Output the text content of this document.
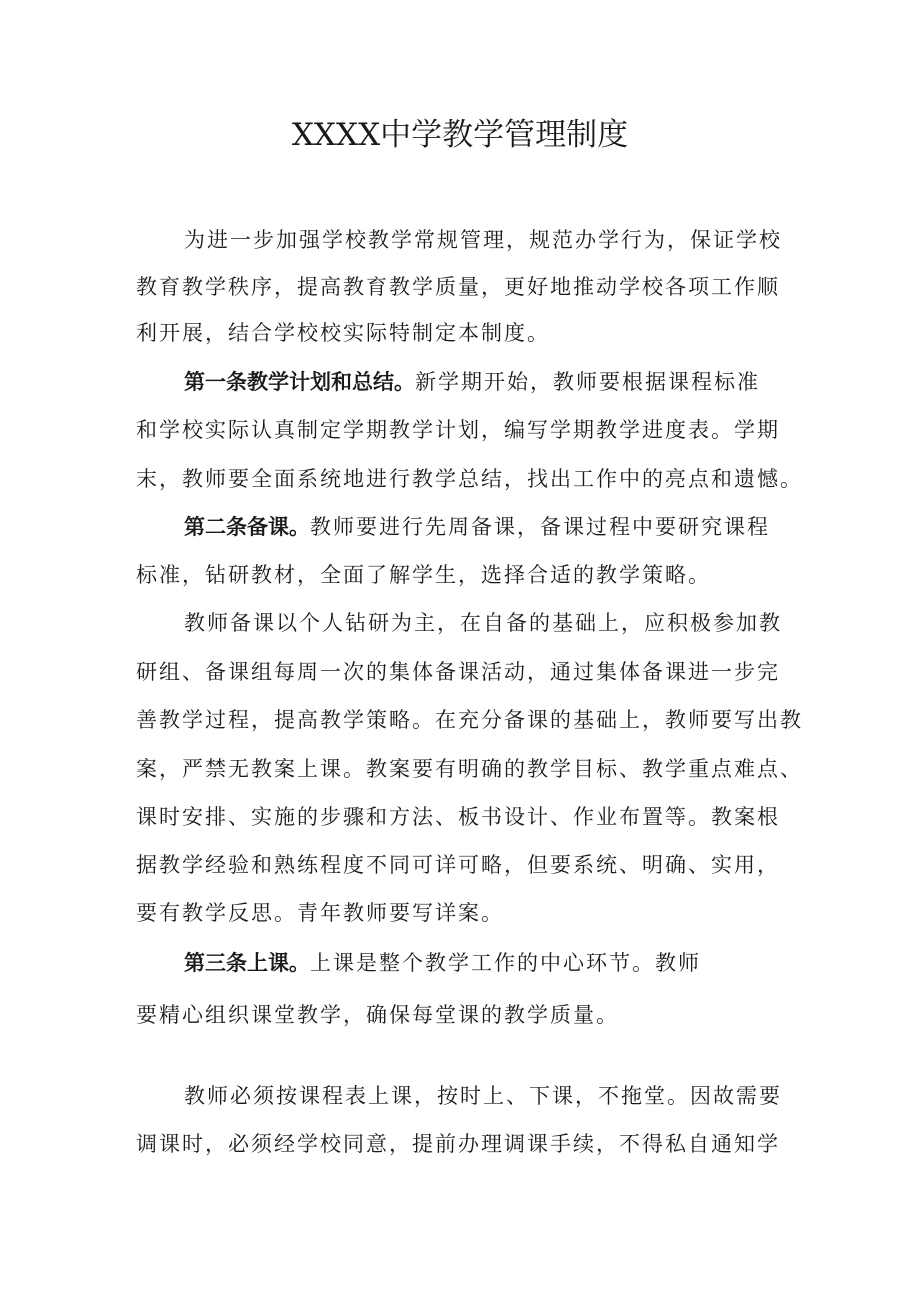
XXXX中学教学管理制度

为进一步加强学校教学常规管理，规范办学行为，保证学校

教育教学秩序，提高教育教学质量，更好地推动学校各项工作顺

利开展，结合学校校实际特制定本制度。

第一条教学计划和总结。新学期开始，教师要根据课程标准

和学校实际认真制定学期教学计划，编写学期教学进度表。学期

末，教师要全面系统地进行教学总结，找出工作中的亮点和遗憾。

第二条备课。教师要进行先周备课，备课过程中要研究课程

标准，钻研教材，全面了解学生，选择合适的教学策略。

教师备课以个人钻研为主，在自备的基础上，应积极参加教

研组、备课组每周一次的集体备课活动，通过集体备课进一步完

善教学过程，提高教学策略。在充分备课的基础上，教师要写出教

案，严禁无教案上课。教案要有明确的教学目标、教学重点难点、

课时安排、实施的步骤和方法、板书设计、作业布置等。教案根

据教学经验和熟练程度不同可详可略，但要系统、明确、实用，

要有教学反思。青年教师要写详案。

第三条上课。上课是整个教学工作的中心环节。教师

要精心组织课堂教学，确保每堂课的教学质量。

教师必须按课程表上课，按时上、下课，不拖堂。因故需要

调课时，必须经学校同意，提前办理调课手续，不得私自通知学
